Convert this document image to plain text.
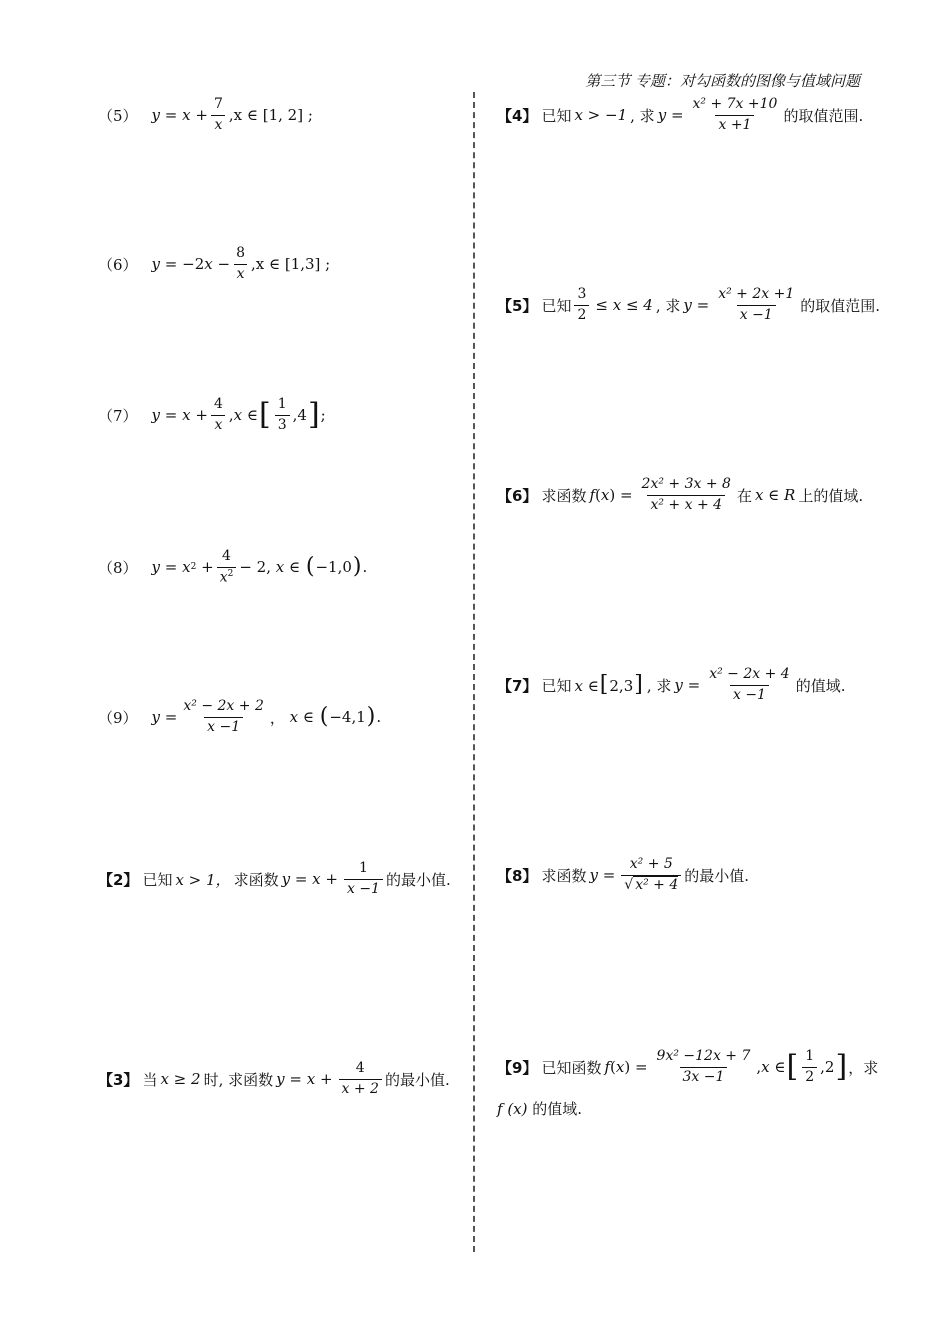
第三节 专题：对勾函数的图像与值域问题
（5） $y = x + \frac{7}{x} ,x$ ∈ [1, 2] ;
（6） y = −2 $x - \frac{8}{x} ,x$ ∈ [1,3] ;
（7） $y = x + \frac{4}{x}$ , x ∈ [ $\frac{1}{3} ,4$ ] ;
（8） y = x $2 + \frac{4}{x^2} - 2$, x ∈ ( −1,0 ) .
（9） $y = \frac{\text{x² − 2x + 2}}{x -1}$ ， x ∈ ( −4,1 ) .
【2】 已知 x > 1， 求函数 $y = x + \frac{1}{x -1}$ 的最小值.
【3】 当 x ≥ 2 时, 求函数 $y = x + \frac{4}{x + 2}$ 的最小值.
【4】 已知 x > −1 , 求 $y = \frac{\text{x² + 7x +10}}{x +1}$ 的取值范围.
【5】 已知 $\frac{3}{2} \le x \le 4$ , 求 $y = \frac{\text{x² + 2x +1}}{x -1}$ 的取值范围.
【6】 求函数 $f(x) = \frac{\text{2x² + 3x + 8}}{\text{x² + x + 4}}$ 在 x ∈ R 上的值域.
【7】 已知 x ∈[2,3] , 求 $y = \frac{\text{x² − 2x + 4}}{x -1}$ 的值域.
【8】 求函数 $y = \frac{\text{x² + 5}}{\text{√ x² + 4}}$ 的最小值.
【9】 已知函数 $f(x) = \frac{\text{9x² −12x + 7}}{3x -1}$ , x ∈ [ $\frac{1}{2} ,2$ ] ，求
f (x)
的值域.
